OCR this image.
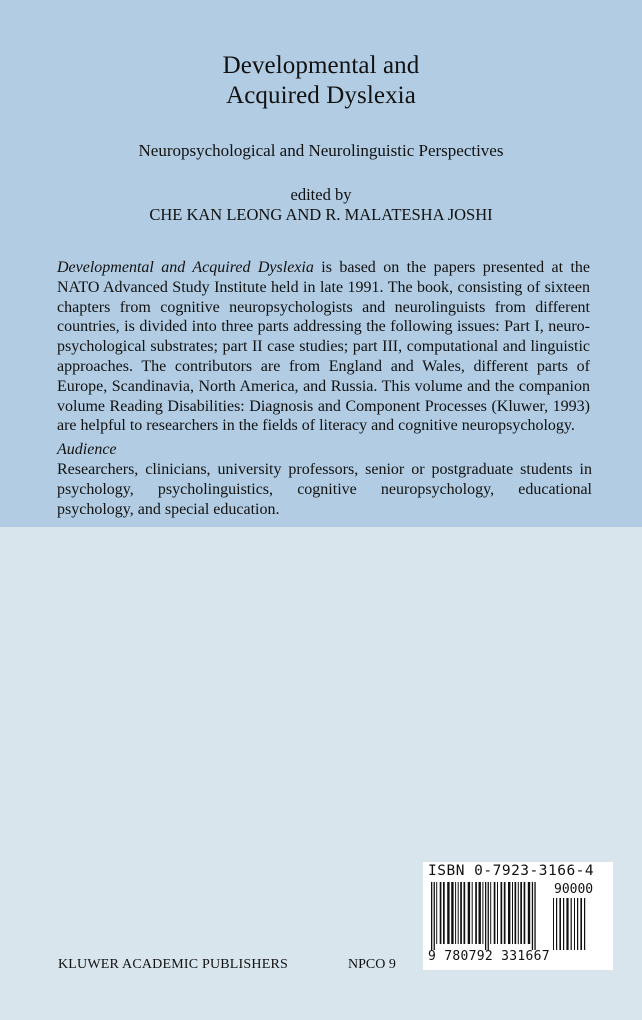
Developmental and
Acquired Dyslexia
Neuropsychological and Neurolinguistic Perspectives
edited by
CHE KAN LEONG AND R. MALATESHA JOSHI
Developmental and Acquired Dyslexia is based on the papers presented at the NATO Advanced Study Institute held in late 1991. The book, consisting of sixteen chapters from cognitive neuropsychologists and neurolinguists from different countries, is divided into three parts addressing the following issues: Part I, neuro-psychological substrates; part II case studies; part III, computational and linguistic approaches. The contributors are from England and Wales, different parts of Europe, Scandinavia, North America, and Russia. This volume and the companion volume Reading Disabilities: Diagnosis and Component Processes (Kluwer, 1993) are helpful to researchers in the fields of literacy and cognitive neuropsychology.
Audience
Researchers, clinicians, university professors, senior or postgraduate students in psychology, psycholinguistics, cognitive neuropsychology, educational psychology, and special education.
KLUWER ACADEMIC PUBLISHERS	NPCO 9
ISBN 0-7923-3166-4
90000
9 780792 331667
